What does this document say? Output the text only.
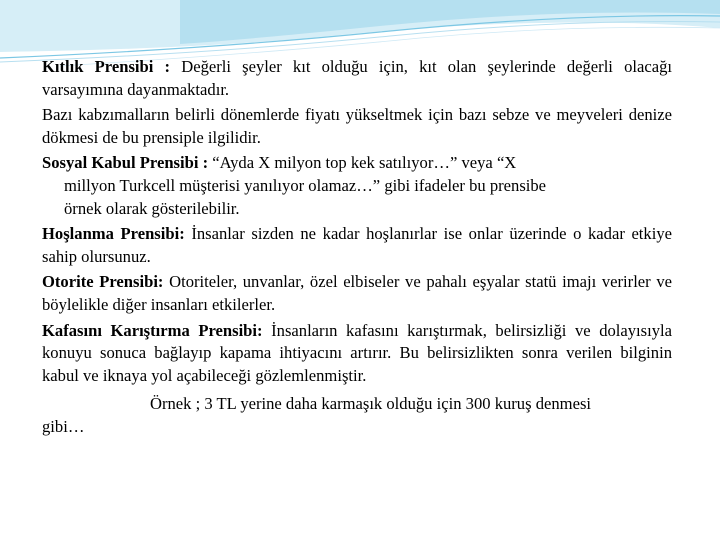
Kıtlık Prensibi : Değerli şeyler kıt olduğu için, kıt olan şeylerinde değerli olacağı varsayımına dayanmaktadır.

Bazı kabzımalların belirli dönemlerde fiyatı yükseltmek için bazı sebze ve meyveleri denize dökmesi de bu prensiple ilgilidir.

Sosyal Kabul Prensibi : “Ayda X milyon top kek satılıyor…” veya “X
millyon Turkcell müşterisi yanılıyor olamaz…” gibi ifadeler bu prensibe
örnek olarak gösterilebilir.

Hoşlanma Prensibi: İnsanlar sizden ne kadar hoşlanırlar ise onlar üzerinde o kadar etkiye sahip olursunuz.

Otorite Prensibi: Otoriteler, unvanlar, özel elbiseler ve pahalı eşyalar statü imajı verirler ve böylelikle diğer insanları etkilerler.

Kafasını Karıştırma Prensibi: İnsanların kafasını karıştırmak, belirsizliği ve dolayısıyla konuyu sonuca bağlayıp kapama ihtiyacını artırır. Bu belirsizlikten sonra verilen bilginin kabul ve iknaya yol açabileceği gözlemlenmiştir.
Örnek ; 3 TL yerine daha karmaşık olduğu için 300 kuruş denmesi
gibi…
